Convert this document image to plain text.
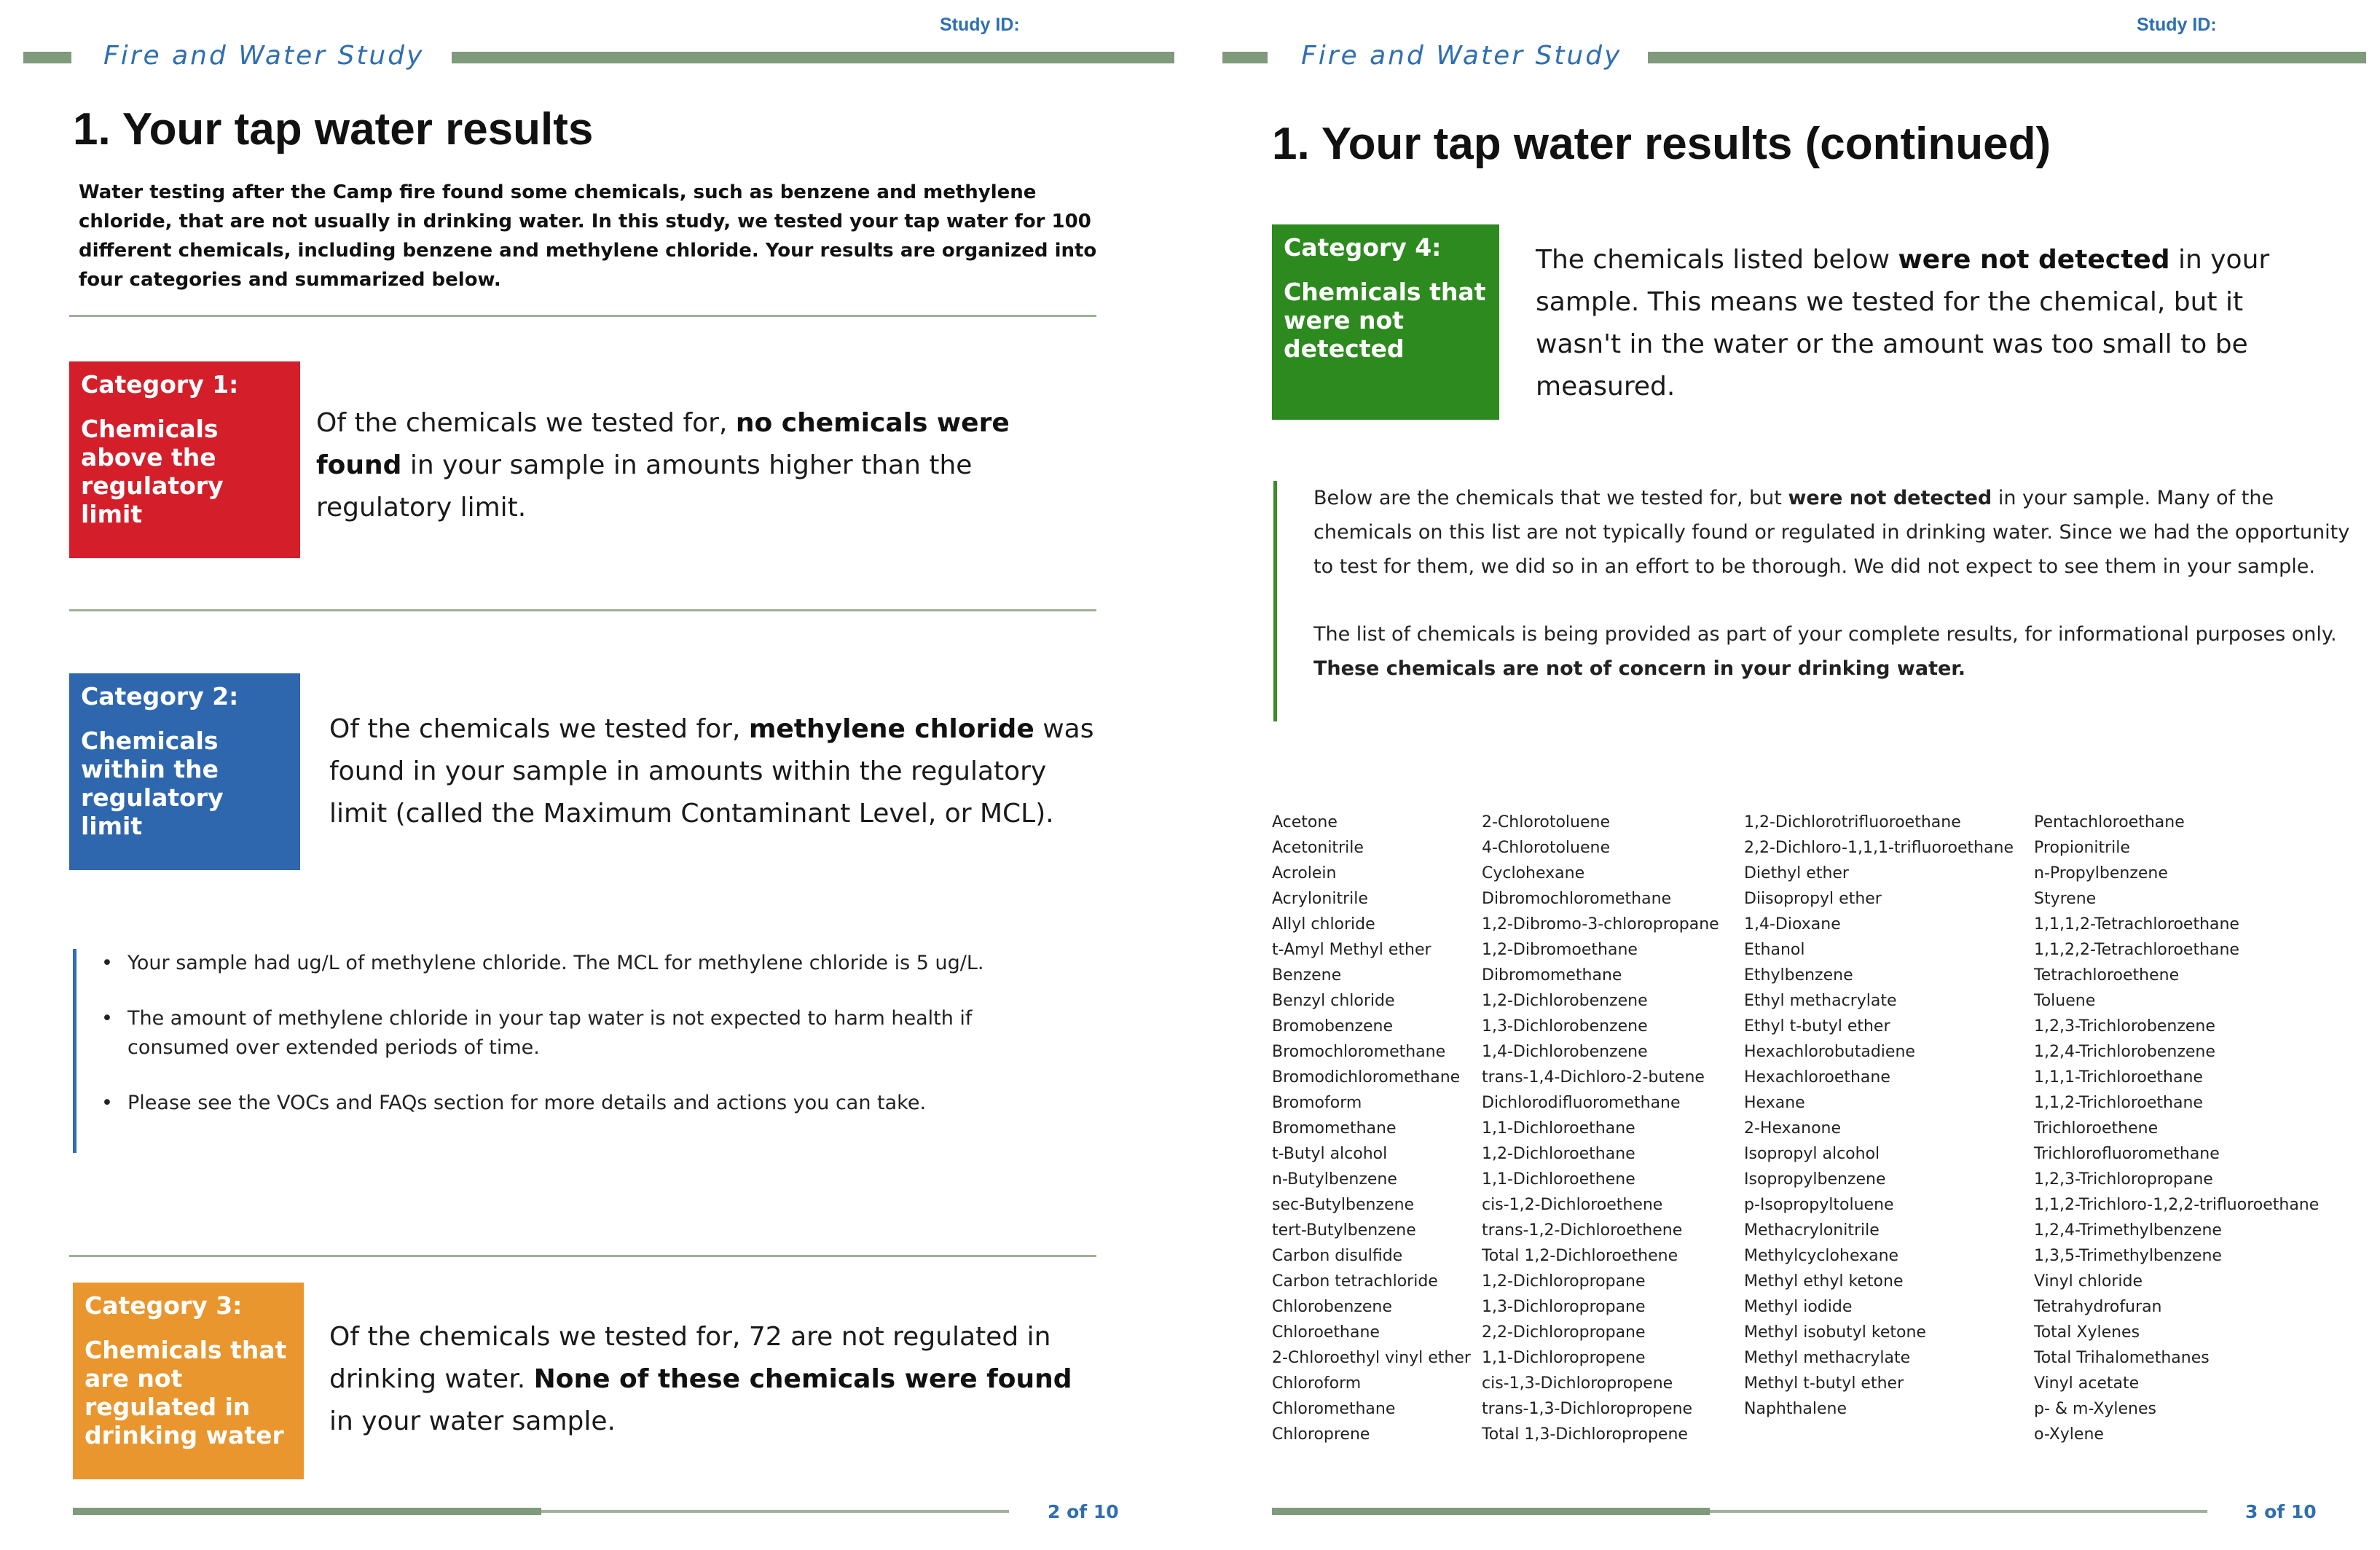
Study ID:
Fire and Water Study
1. Your tap water results
Water testing after the Camp fire found some chemicals, such as benzene and methylene chloride, that are not usually in drinking water. In this study, we tested your tap water for 100 different chemicals, including benzene and methylene chloride. Your results are organized into four categories and summarized below.
Category 1:
Chemicals above the regulatory limit
Of the chemicals we tested for, no chemicals were found in your sample in amounts higher than the regulatory limit.
Category 2:
Chemicals within the regulatory limit
Of the chemicals we tested for, methylene chloride was found in your sample in amounts within the regulatory limit (called the Maximum Contaminant Level, or MCL).
• Your sample had ug/L of methylene chloride. The MCL for methylene chloride is 5 ug/L.
• The amount of methylene chloride in your tap water is not expected to harm health if consumed over extended periods of time.
• Please see the VOCs and FAQs section for more details and actions you can take.
Category 3:
Chemicals that are not regulated in drinking water
Of the chemicals we tested for, 72 are not regulated in drinking water. None of these chemicals were found in your water sample.
2 of 10
Study ID:
Fire and Water Study
1. Your tap water results (continued)
Category 4:
Chemicals that were not detected
The chemicals listed below were not detected in your sample. This means we tested for the chemical, but it wasn't in the water or the amount was too small to be measured.

Below are the chemicals that we tested for, but were not detected in your sample. Many of the chemicals on this list are not typically found or regulated in drinking water. Since we had the opportunity to test for them, we did so in an effort to be thorough. We did not expect to see them in your sample.

The list of chemicals is being provided as part of your complete results, for informational purposes only. These chemicals are not of concern in your drinking water.

Acetone
Acetonitrile
Acrolein
Acrylonitrile
Allyl chloride
t-Amyl Methyl ether
Benzene
Benzyl chloride
Bromobenzene
Bromochloromethane
Bromodichloromethane
Bromoform
Bromomethane
t-Butyl alcohol
n-Butylbenzene
sec-Butylbenzene
tert-Butylbenzene
Carbon disulfide
Carbon tetrachloride
Chlorobenzene
Chloroethane
2-Chloroethyl vinyl ether
Chloroform
Chloromethane
Chloroprene
2-Chlorotoluene
4-Chlorotoluene
Cyclohexane
Dibromochloromethane
1,2-Dibromo-3-chloropropane
1,2-Dibromoethane
Dibromomethane
1,2-Dichlorobenzene
1,3-Dichlorobenzene
1,4-Dichlorobenzene
trans-1,4-Dichloro-2-butene
Dichlorodifluoromethane
1,1-Dichloroethane
1,2-Dichloroethane
1,1-Dichloroethene
cis-1,2-Dichloroethene
trans-1,2-Dichloroethene
Total 1,2-Dichloroethene
1,2-Dichloropropane
1,3-Dichloropropane
2,2-Dichloropropane
1,1-Dichloropropene
cis-1,3-Dichloropropene
trans-1,3-Dichloropropene
Total 1,3-Dichloropropene
1,2-Dichlorotrifluoroethane
2,2-Dichloro-1,1,1-trifluoroethane
Diethyl ether
Diisopropyl ether
1,4-Dioxane
Ethanol
Ethylbenzene
Ethyl methacrylate
Ethyl t-butyl ether
Hexachlorobutadiene
Hexachloroethane
Hexane
2-Hexanone
Isopropyl alcohol
Isopropylbenzene
p-Isopropyltoluene
Methacrylonitrile
Methylcyclohexane
Methyl ethyl ketone
Methyl iodide
Methyl isobutyl ketone
Methyl methacrylate
Methyl t-butyl ether
Naphthalene
Pentachloroethane
Propionitrile
n-Propylbenzene
Styrene
1,1,1,2-Tetrachloroethane
1,1,2,2-Tetrachloroethane
Tetrachloroethene
Toluene
1,2,3-Trichlorobenzene
1,2,4-Trichlorobenzene
1,1,1-Trichloroethane
1,1,2-Trichloroethane
Trichloroethene
Trichlorofluoromethane
1,2,3-Trichloropropane
1,1,2-Trichloro-1,2,2-trifluoroethane
1,2,4-Trimethylbenzene
1,3,5-Trimethylbenzene
Vinyl chloride
Tetrahydrofuran
Total Xylenes
Total Trihalomethanes
Vinyl acetate
p- & m-Xylenes
o-Xylene
3 of 10
